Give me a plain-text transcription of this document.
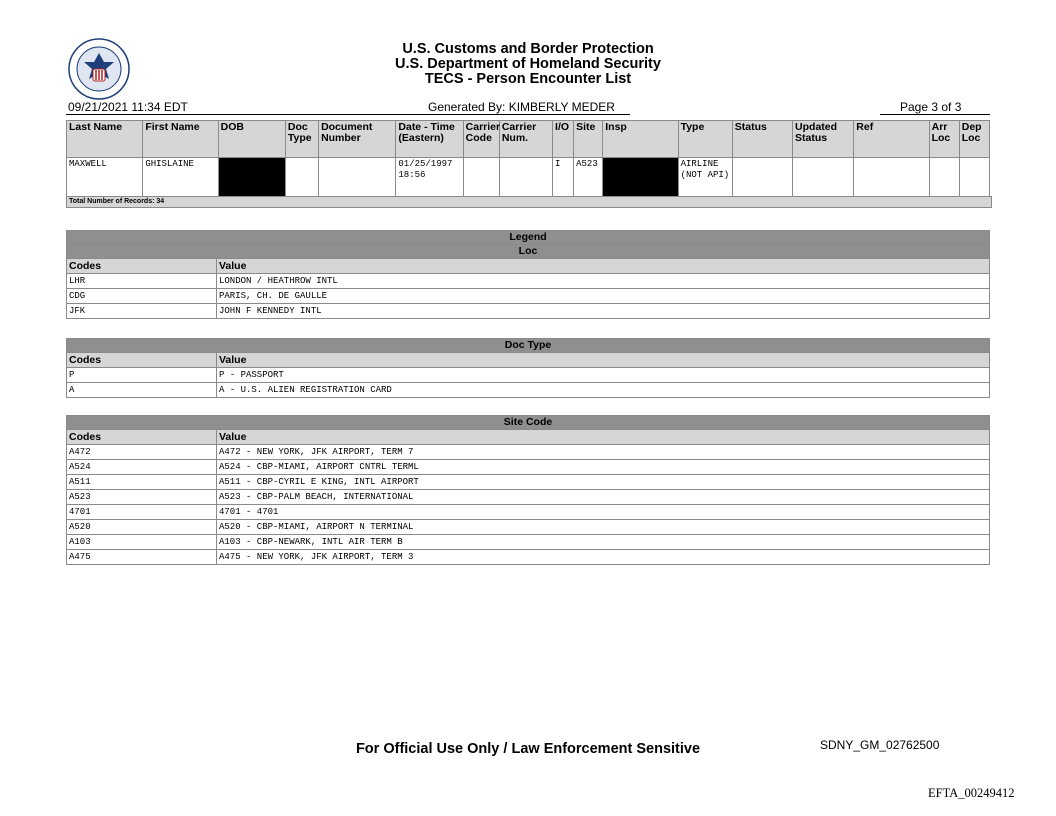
U.S. Customs and Border Protection
U.S. Department of Homeland Security
TECS - Person Encounter List
09/21/2021 11:34 EDT	Generated By: KIMBERLY MEDER	Page 3 of 3
Last Name	First Name	DOB	Doc Type	Document Number	Date - Time (Eastern)	Carrier Code	Carrier Num.	I/O	Site	Insp	Type	Status	Updated Status	Ref	Arr Loc	Dep Loc
MAXWELL	GHISLAINE				01/25/1997 18:56			I	A523		AIRLINE (NOT API)					
Total Number of Records: 34
Legend	
Loc	
Codes	Value
LHR	LONDON / HEATHROW INTL
CDG	PARIS, CH. DE GAULLE
JFK	JOHN F KENNEDY INTL
Doc Type	
Codes	Value
P	P - PASSPORT
A	A - U.S. ALIEN REGISTRATION CARD
Site Code	
Codes	Value
A472	A472 - NEW YORK, JFK AIRPORT, TERM 7
A524	A524 - CBP-MIAMI, AIRPORT CNTRL TERML
A511	A511 - CBP-CYRIL E KING, INTL AIRPORT
A523	A523 - CBP-PALM BEACH, INTERNATIONAL
4701	4701 - 4701
A520	A520 - CBP-MIAMI, AIRPORT N TERMINAL
A103	A103 - CBP-NEWARK, INTL AIR TERM B
A475	A475 - NEW YORK, JFK AIRPORT, TERM 3
For Official Use Only / Law Enforcement Sensitive	SDNY_GM_02762500
EFTA_00249412
